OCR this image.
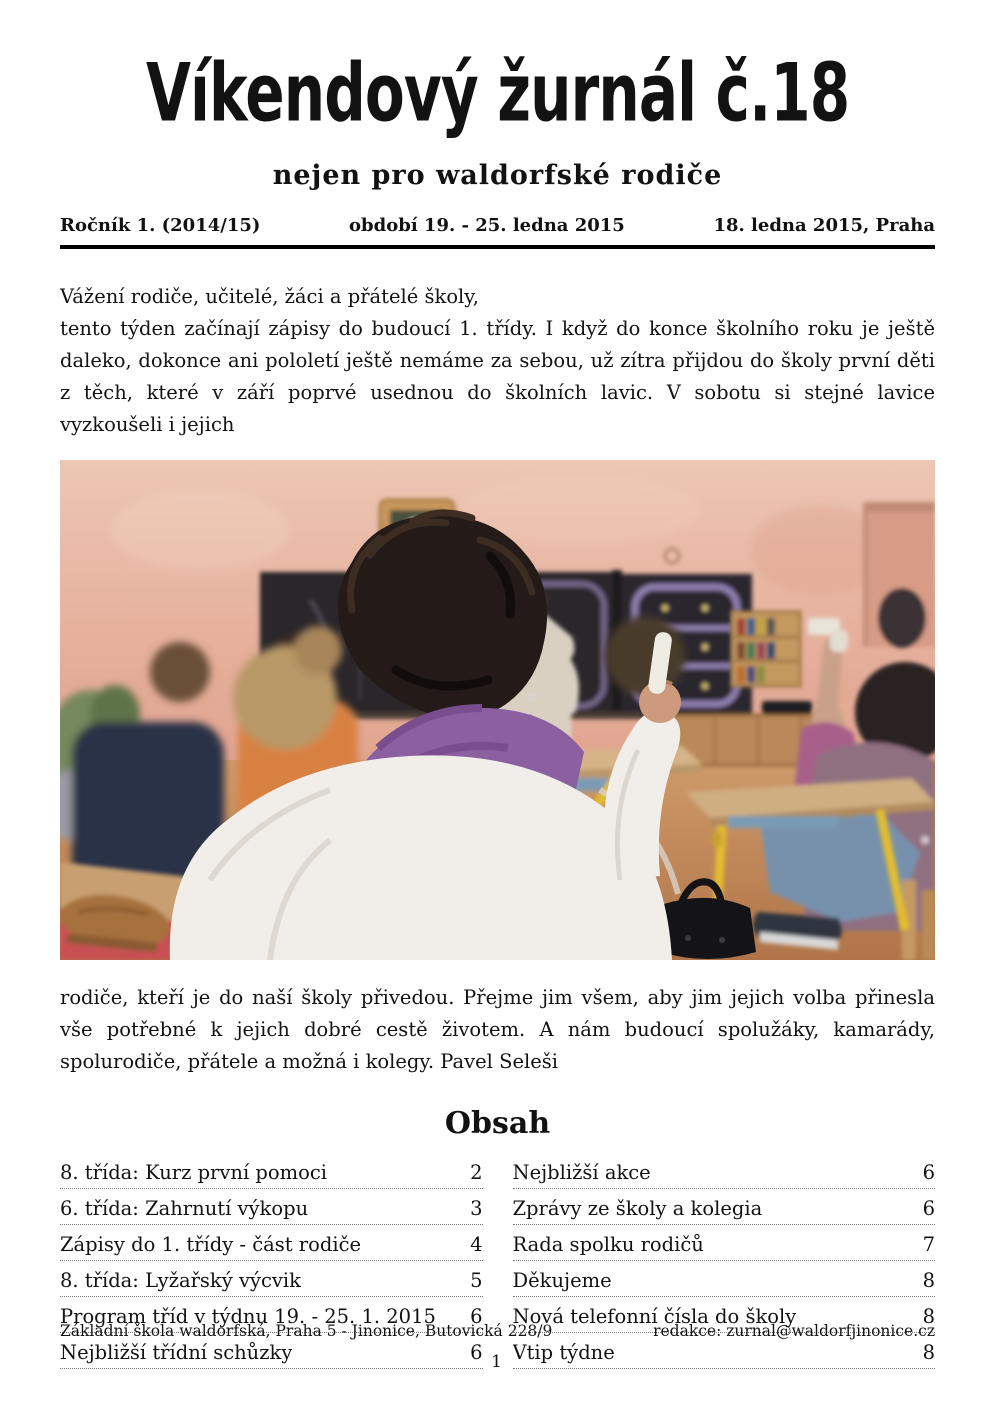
Víkendový žurnál č.18
nejen pro waldorfské rodiče
Ročník 1. (2014/15)	období 19. - 25. ledna 2015	18. ledna 2015, Praha

Vážení rodiče, učitelé, žáci a přátelé školy,

tento týden začínají zápisy do budoucí 1. třídy. I když do konce školního roku je ještě daleko, dokonce ani pololetí ještě nemáme za sebou, už zítra přijdou do školy první děti z těch, které v září poprvé usednou do školních lavic. V sobotu si stejné lavice vyzkoušeli i jejich

rodiče, kteří je do naší školy přivedou. Přejme jim všem, aby jim jejich volba přinesla vše potřebné k jejich dobré cestě životem. A nám budoucí spolužáky, kamarády, spolurodiče, přátele a možná i kolegy. Pavel Seleši

Obsah
8. třída: Kurz první pomoci	2
6. třída: Zahrnutí výkopu	3
Zápisy do 1. třídy - část rodiče	4
8. třída: Lyžařský výcvik	5
Program tříd v týdnu 19. - 25. 1. 2015 6
Nejbližší třídní schůzky	6
Nejbližší akce	6
Zprávy ze školy a kolegia	6
Rada spolku rodičů	7
Děkujeme	8
Nová telefonní čísla do školy	8
Vtip týdne	8
Základní škola waldorfská, Praha 5 - Jinonice, Butovická 228/9	redakce: zurnal@waldorfjinonice.cz
1
